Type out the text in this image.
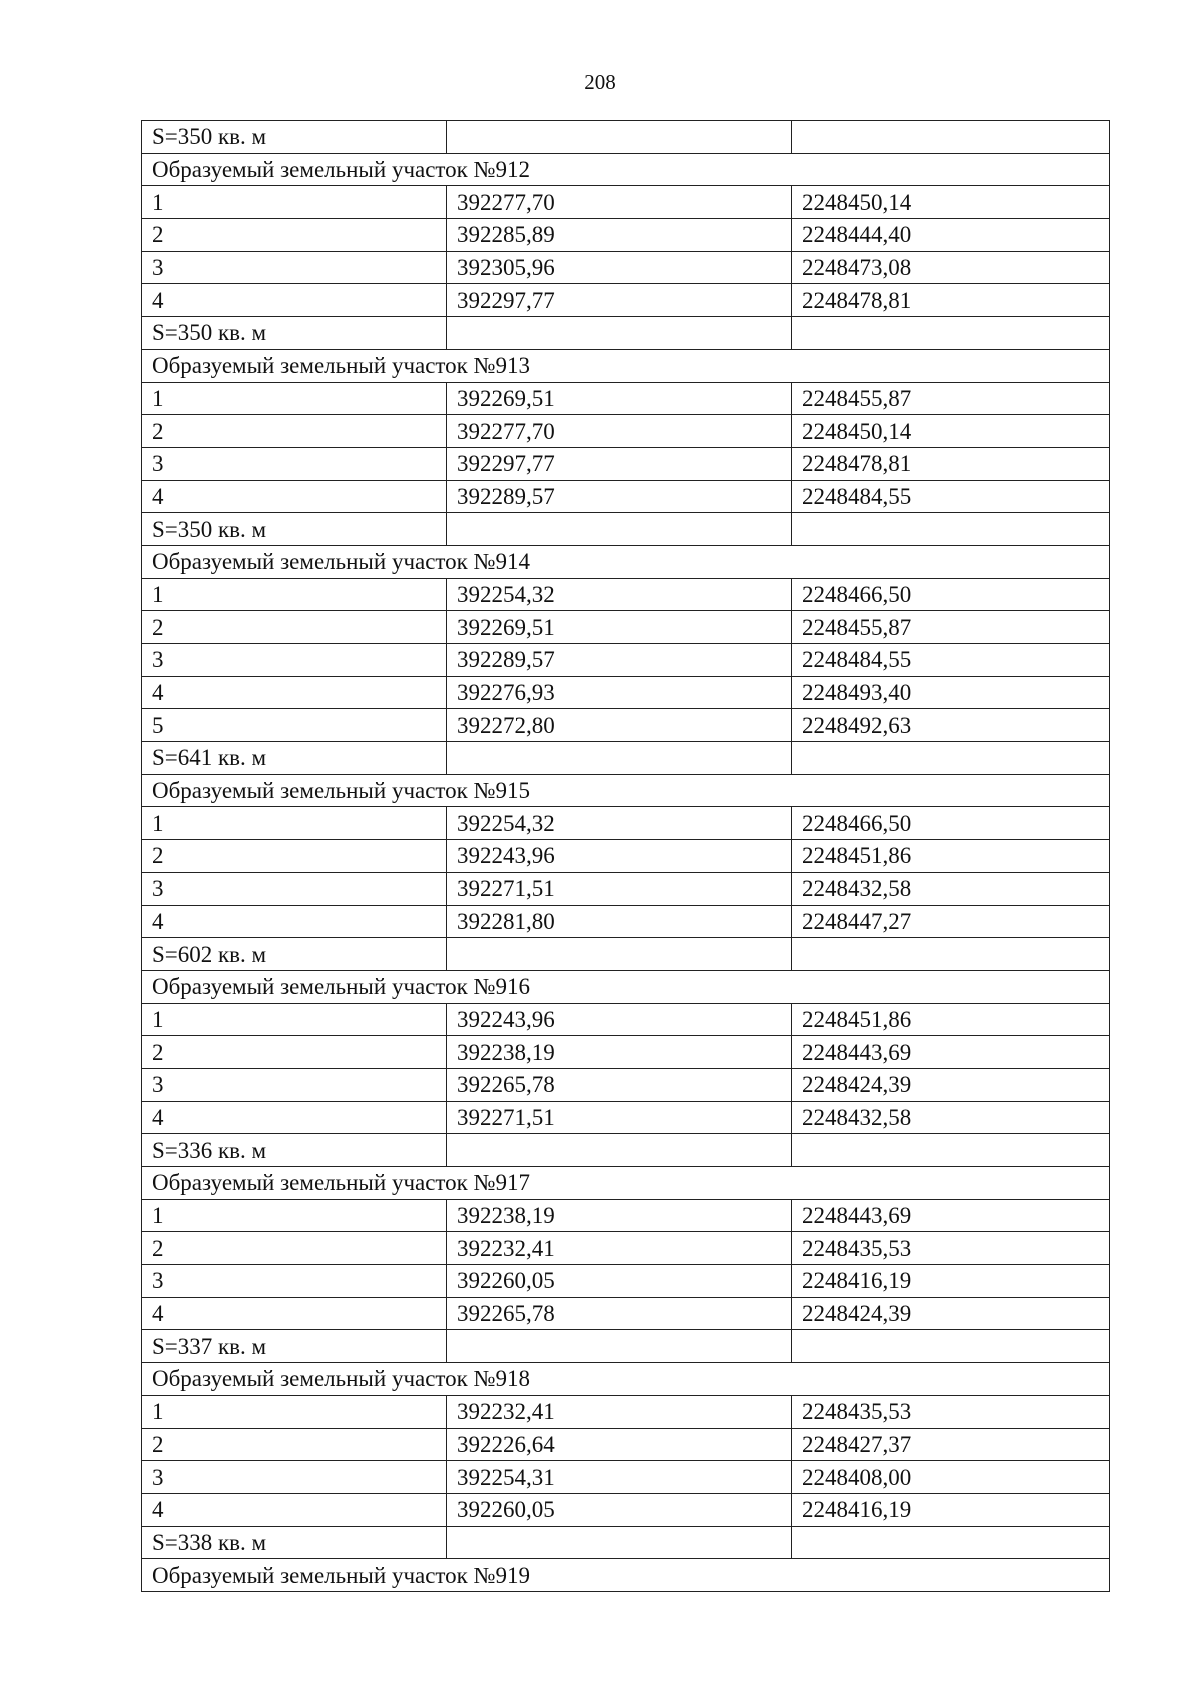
208
S=350 кв. м		
Образуемый земельный участок №912		
1	392277,70	2248450,14
2	392285,89	2248444,40
3	392305,96	2248473,08
4	392297,77	2248478,81
S=350 кв. м		
Образуемый земельный участок №913		
1	392269,51	2248455,87
2	392277,70	2248450,14
3	392297,77	2248478,81
4	392289,57	2248484,55
S=350 кв. м		
Образуемый земельный участок №914		
1	392254,32	2248466,50
2	392269,51	2248455,87
3	392289,57	2248484,55
4	392276,93	2248493,40
5	392272,80	2248492,63
S=641 кв. м		
Образуемый земельный участок №915		
1	392254,32	2248466,50
2	392243,96	2248451,86
3	392271,51	2248432,58
4	392281,80	2248447,27
S=602 кв. м		
Образуемый земельный участок №916		
1	392243,96	2248451,86
2	392238,19	2248443,69
3	392265,78	2248424,39
4	392271,51	2248432,58
S=336 кв. м		
Образуемый земельный участок №917		
1	392238,19	2248443,69
2	392232,41	2248435,53
3	392260,05	2248416,19
4	392265,78	2248424,39
S=337 кв. м		
Образуемый земельный участок №918		
1	392232,41	2248435,53
2	392226,64	2248427,37
3	392254,31	2248408,00
4	392260,05	2248416,19
S=338 кв. м		
Образуемый земельный участок №919		
